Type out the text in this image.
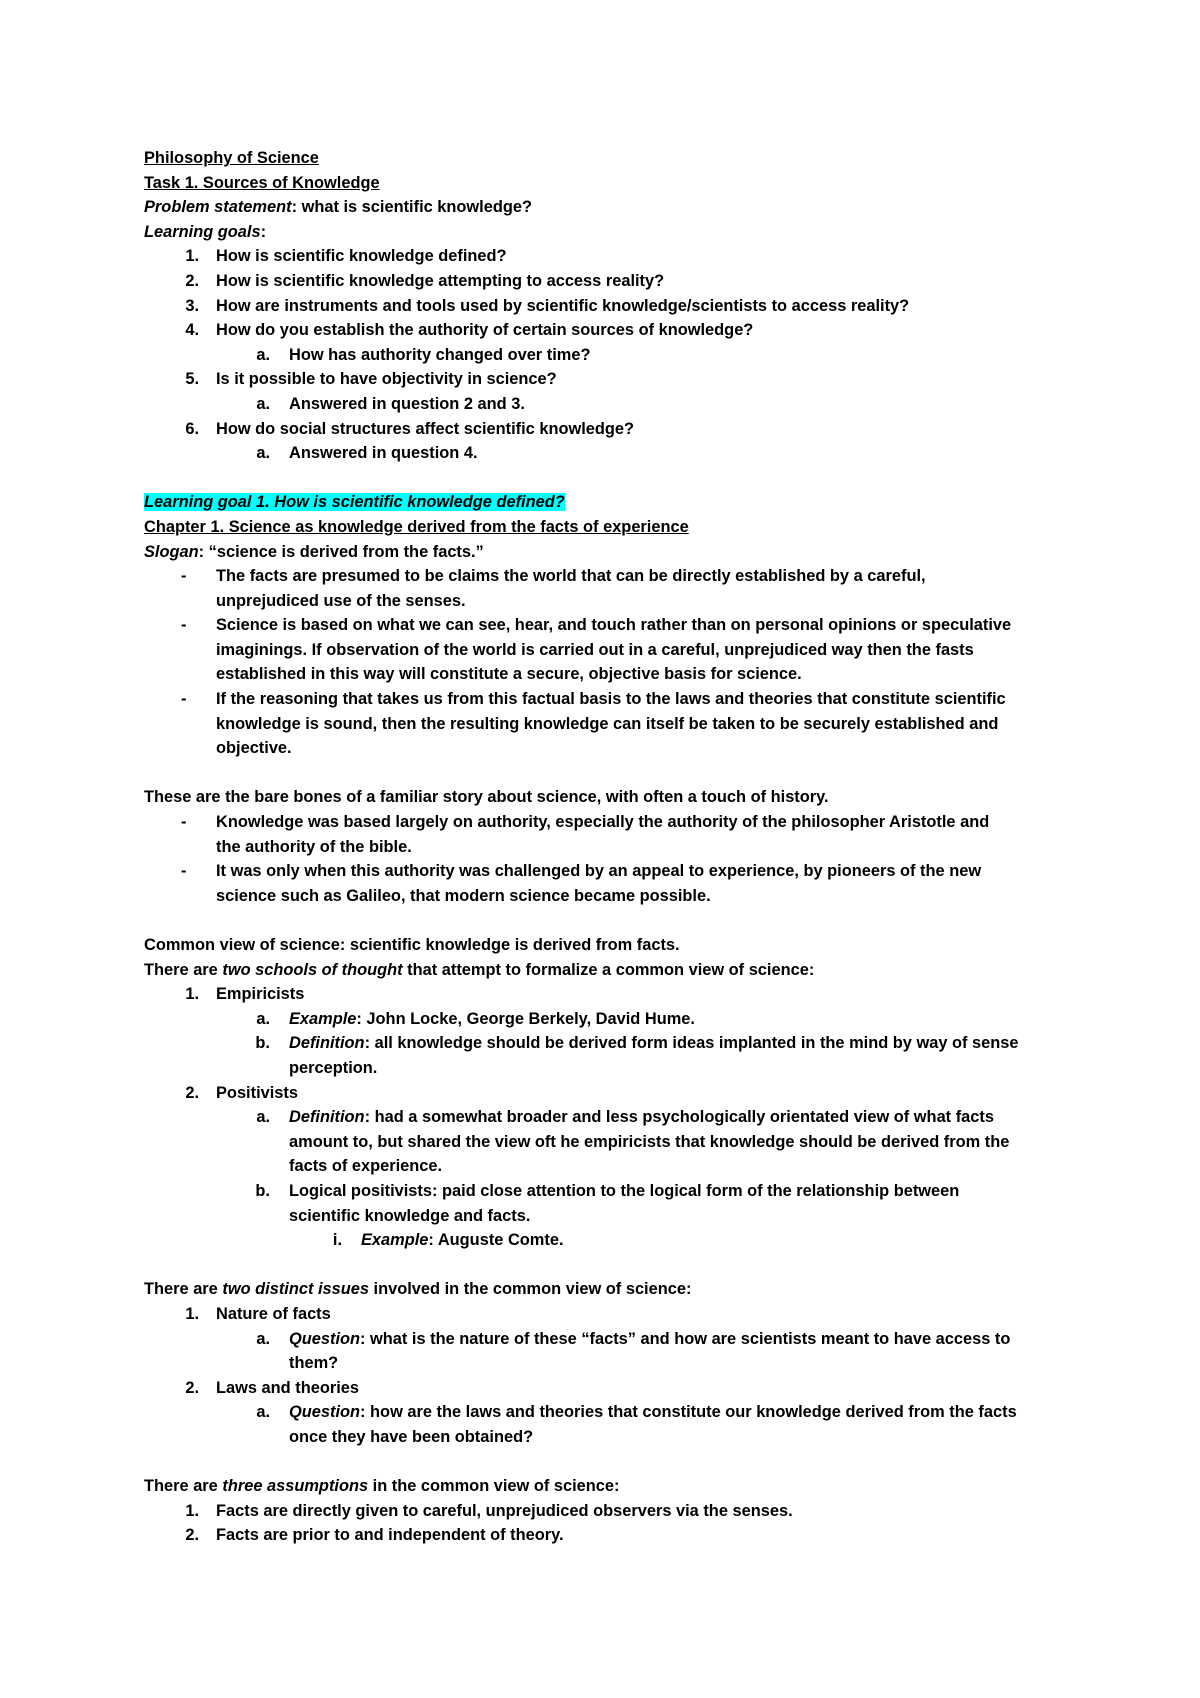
Philosophy of Science
Task 1. Sources of Knowledge
Problem statement: what is scientific knowledge?
Learning goals:
1.	How is scientific knowledge defined?
2.	How is scientific knowledge attempting to access reality?
3.	How are instruments and tools used by scientific knowledge/scientists to access reality?
4.	How do you establish the authority of certain sources of knowledge?
a.	How has authority changed over time?
5.	Is it possible to have objectivity in science?
a.	Answered in question 2 and 3.
6.	How do social structures affect scientific knowledge?
a.	Answered in question 4.
Learning goal 1. How is scientific knowledge defined?
Chapter 1. Science as knowledge derived from the facts of experience
Slogan: “science is derived from the facts.”
-	The facts are presumed to be claims the world that can be directly established by a careful,
unprejudiced use of the senses.
-	Science is based on what we can see, hear, and touch rather than on personal opinions or speculative
imaginings. If observation of the world is carried out in a careful, unprejudiced way then the fasts
established in this way will constitute a secure, objective basis for science.
-	If the reasoning that takes us from this factual basis to the laws and theories that constitute scientific
knowledge is sound, then the resulting knowledge can itself be taken to be securely established and
objective.
These are the bare bones of a familiar story about science, with often a touch of history.
-	Knowledge was based largely on authority, especially the authority of the philosopher Aristotle and
the authority of the bible.
-	It was only when this authority was challenged by an appeal to experience, by pioneers of the new
science such as Galileo, that modern science became possible.
Common view of science: scientific knowledge is derived from facts.
There are two schools of thought that attempt to formalize a common view of science:
1.	Empiricists
a.	Example: John Locke, George Berkely, David Hume.
b.	Definition: all knowledge should be derived form ideas implanted in the mind by way of sense
perception.
2.	Positivists
a.	Definition: had a somewhat broader and less psychologically orientated view of what facts
amount to, but shared the view oft he empiricists that knowledge should be derived from the
facts of experience.
b.	Logical positivists: paid close attention to the logical form of the relationship between
scientific knowledge and facts.
i.	Example: Auguste Comte.
There are two distinct issues involved in the common view of science:
1.	Nature of facts
a.	Question: what is the nature of these “facts” and how are scientists meant to have access to
them?
2.	Laws and theories
a.	Question: how are the laws and theories that constitute our knowledge derived from the facts
once they have been obtained?
There are three assumptions in the common view of science:
1.	Facts are directly given to careful, unprejudiced observers via the senses.
2.	Facts are prior to and independent of theory.
